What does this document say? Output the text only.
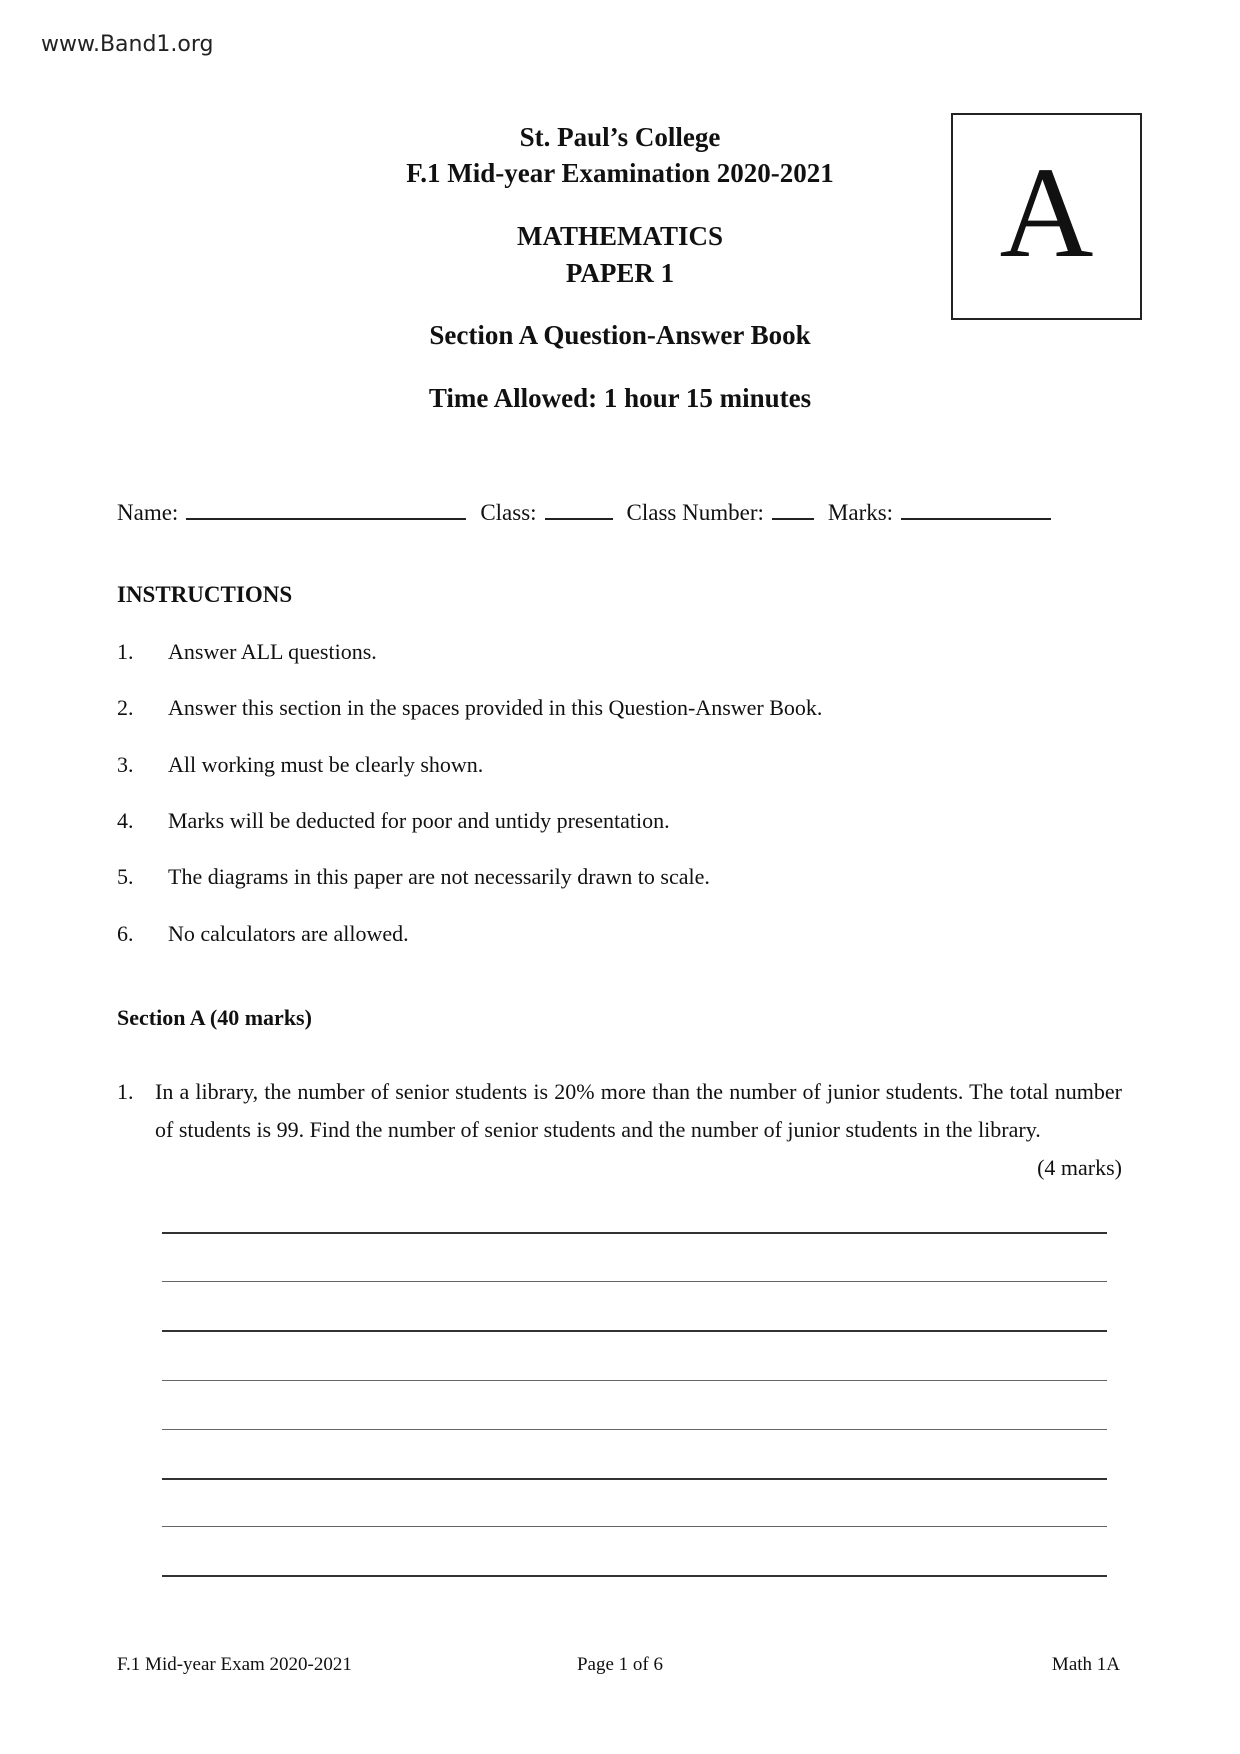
www.Band1.org
St. Paul’s College
F.1 Mid-year Examination 2020-2021
MATHEMATICS
PAPER 1
Section A Question-Answer Book
Time Allowed: 1 hour 15 minutes
A
Name:	Class:	Class Number:	Marks:
INSTRUCTIONS
1. Answer ALL questions.
2. Answer this section in the spaces provided in this Question-Answer Book.
3. All working must be clearly shown.
4. Marks will be deducted for poor and untidy presentation.
5. The diagrams in this paper are not necessarily drawn to scale.
6. No calculators are allowed.
Section A (40 marks)
1.
(4 marks)
In a library, the number of senior students is 20% more than the number of junior students. The total number of students is 99. Find the number of senior students and the number of junior students in the library.
F.1 Mid-year Exam 2020-2021	Page 1 of 6	Math 1A
